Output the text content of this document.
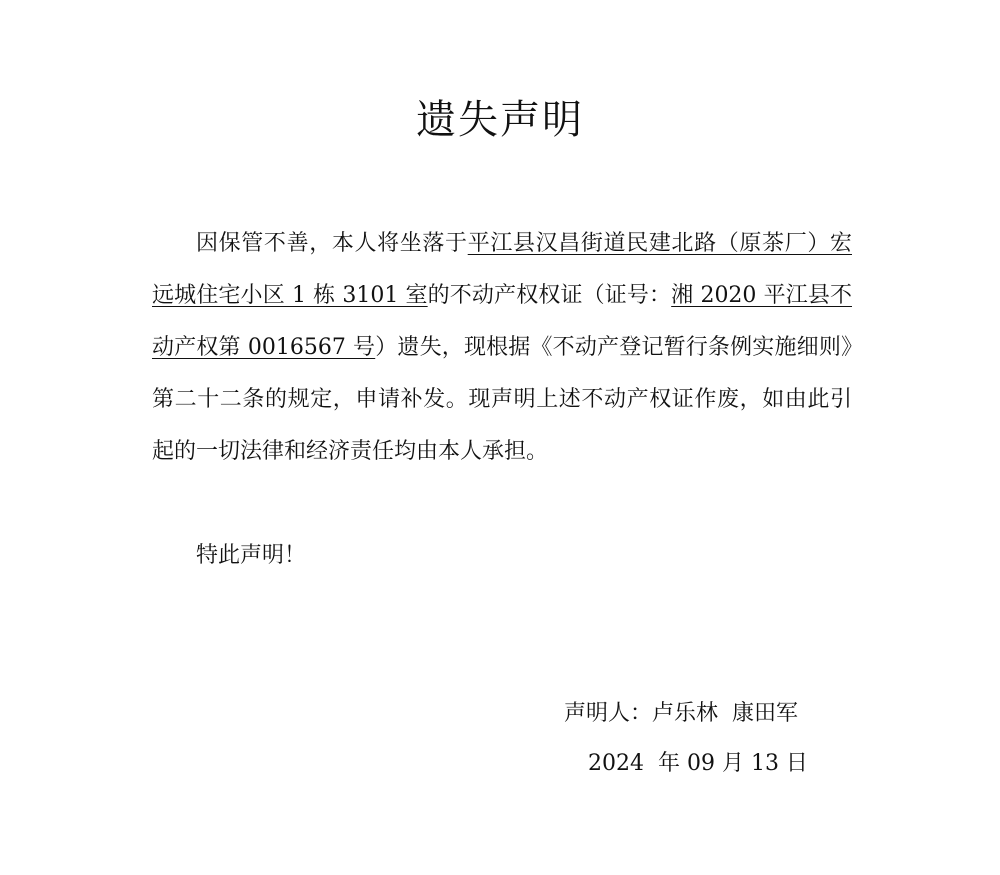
遗失声明

因保管不善，本人将坐落于平江县汉昌街道民建北路（原茶厂）宏远城住宅小区 1 栋 3101 室的不动产权权证（证号：湘 2020 平江县不动产权第 0016567 号）遗失，现根据《不动产登记暂行条例实施细则》第二十二条的规定，申请补发。现声明上述不动产权证作废，如由此引起的一切法律和经济责任均由本人承担。

特此声明！

声明人：卢乐林  康田军

2024  年 09 月 13 日
